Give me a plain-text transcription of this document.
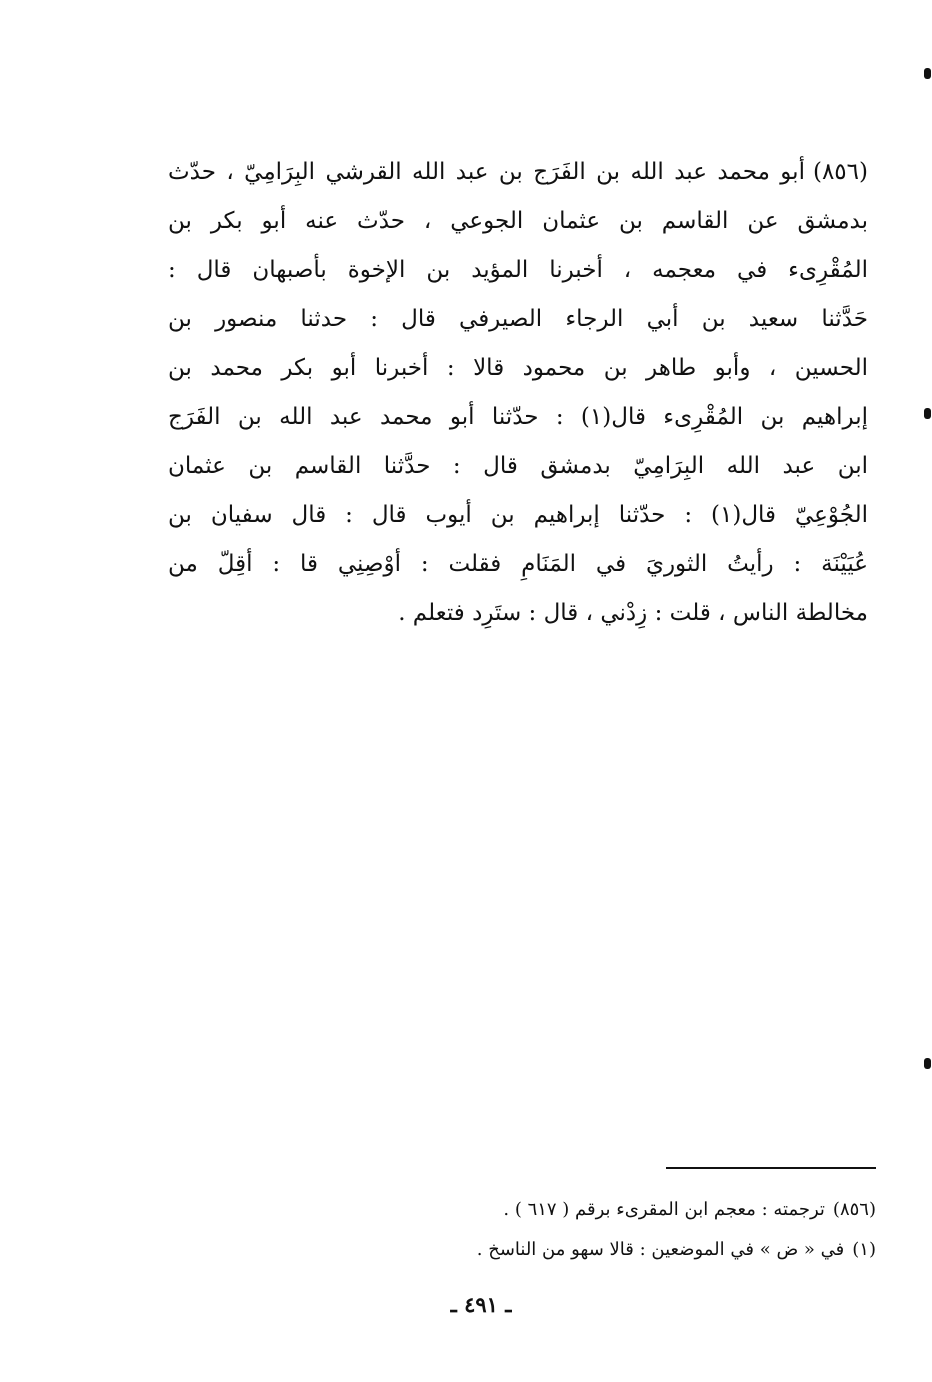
(٨٥٦)أبو محمد عبد الله بن الفَرَج بن عبد الله القرشي البِرَامِيّ ، حدّث
بدمشق عن القاسم بن عثمان الجوعي ، حدّث عنه أبو بكر بن
المُقْرِىء في معجمه ، أخبرنا المؤيد بن الإخوة بأصبهان قال :
حَدَّثنا سعيد بن أبي الرجاء الصيرفي قال : حدثنا منصور بن
الحسين ، وأبو طاهر بن محمود قالا : أخبرنا أبو بكر محمد بن
إبراهيم بن المُقْرِىء قال(١) : حدّثنا أبو محمد عبد الله بن الفَرَج
ابن عبد الله البِرَامِيّ بدمشق قال : حدَّثنا القاسم بن عثمان
الجُوْعِيّ قال(١) : حدّثنا إبراهيم بن أيوب قال : قال سفيان بن
عُيَيْنَة : رأيتُ الثوريَ في المَنَامِ فقلت : أوْصِنِي قا : أقِلّ من
مخالطة الناس ، قلت : زِدْني ، قال : ستَرِد فتعلم .
(٨٥٦)ترجمته : معجم ابن المقرىء برقم ( ٦١٧ ) .
(١)في « ض » في الموضعين : قالا سهو من الناسخ .
ـ ٤٩١ ـ
